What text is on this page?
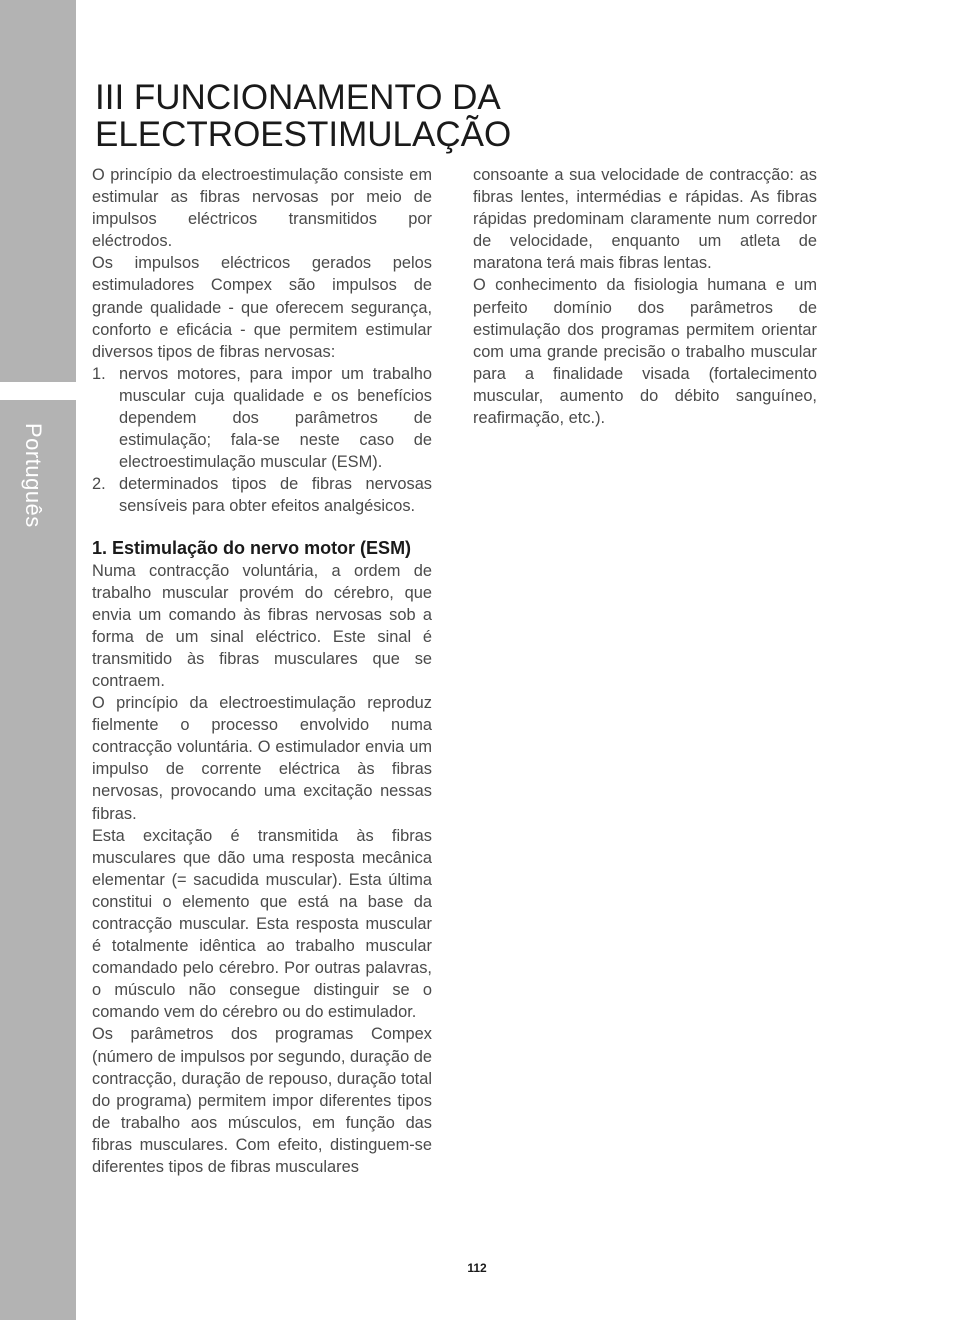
Português
III FUNCIONAMENTO DA
ELECTROESTIMULAÇÃO

O princípio da electroestimulação consiste em estimular as fibras nervosas por meio de impulsos eléctricos transmitidos por eléctrodos.

Os impulsos eléctricos gerados pelos estimuladores Compex são impulsos de grande qualidade - que oferecem segurança, conforto e eficácia - que permitem estimular diversos tipos de fibras nervosas:

1. nervos motores, para impor um trabalho muscular cuja qualidade e os benefícios dependem dos parâmetros de estimulação; fala-se neste caso de electroestimulação muscular (ESM).
2. determinados tipos de fibras nervosas sensíveis para obter efeitos analgésicos.
1. Estimulação do nervo motor (ESM)

Numa contracção voluntária, a ordem de trabalho muscular provém do cérebro, que envia um comando às fibras nervosas sob a forma de um sinal eléctrico. Este sinal é transmitido às fibras musculares que se contraem.

O princípio da electroestimulação reproduz fielmente o processo envolvido numa contracção voluntária. O estimulador envia um impulso de corrente eléctrica às fibras nervosas, provocando uma excitação nessas fibras.

Esta excitação é transmitida às fibras musculares que dão uma resposta mecânica elementar (= sacudida muscular). Esta última constitui o elemento que está na base da contracção muscular. Esta resposta muscular é totalmente idêntica ao trabalho muscular comandado pelo cérebro. Por outras palavras, o músculo não consegue distinguir se o comando vem do cérebro ou do estimulador.

Os parâmetros dos programas Compex (número de impulsos por segundo, duração de contracção, duração de repouso, duração total do programa) permitem impor diferentes tipos de trabalho aos músculos, em função das fibras musculares. Com efeito, distinguem-se diferentes tipos de fibras musculares

consoante a sua velocidade de contracção: as fibras lentes, intermédias e rápidas. As fibras rápidas predominam claramente num corredor de velocidade, enquanto um atleta de maratona terá mais fibras lentas.

O conhecimento da fisiologia humana e um perfeito domínio dos parâmetros de estimulação dos programas permitem orientar com uma grande precisão o trabalho muscular para a finalidade visada (fortalecimento muscular, aumento do débito sanguíneo, reafirmação, etc.).

112
